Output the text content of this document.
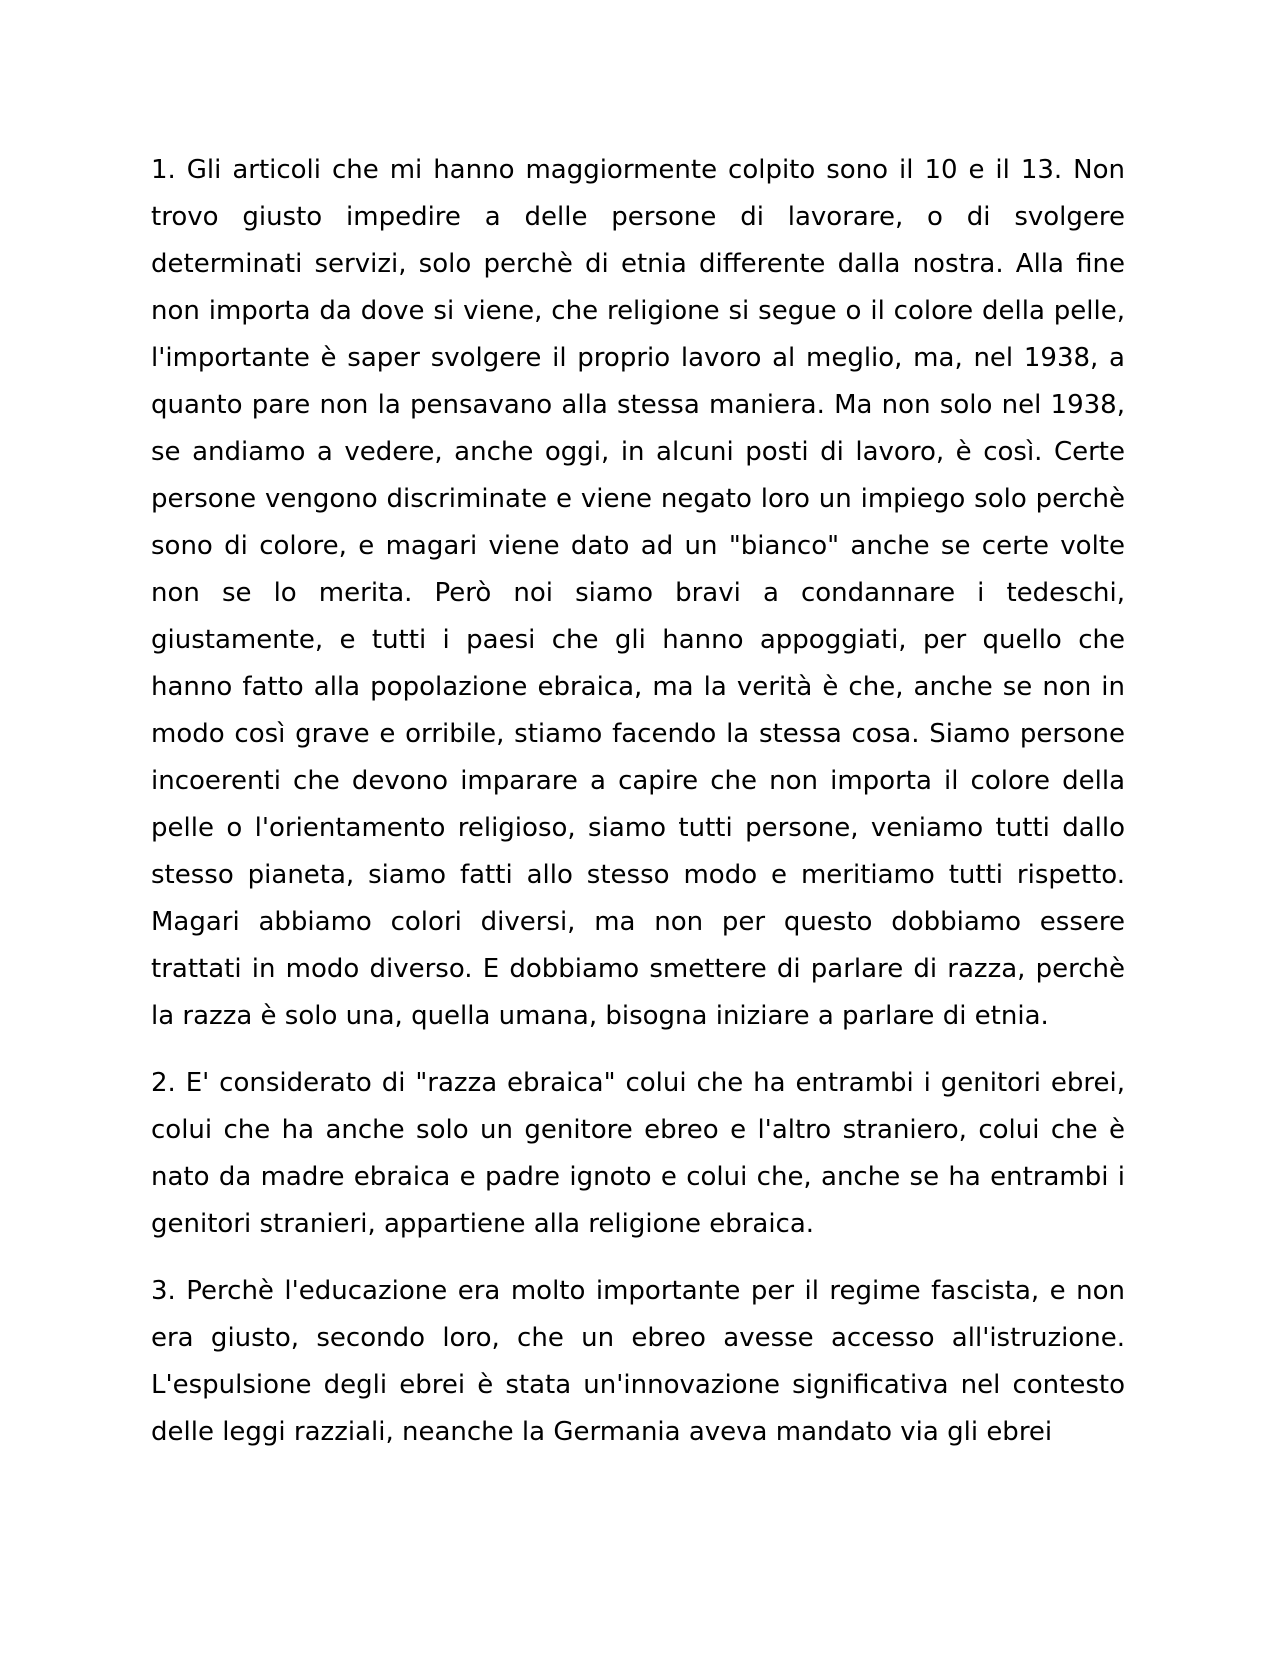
1. Gli articoli che mi hanno maggiormente colpito sono il 10 e il 13. Non trovo giusto impedire a delle persone di lavorare, o di svolgere determinati servizi, solo perchè di etnia differente dalla nostra. Alla fine non importa da dove si viene, che religione si segue o il colore della pelle, l'importante è saper svolgere il proprio lavoro al meglio, ma, nel 1938, a quanto pare non la pensavano alla stessa maniera. Ma non solo nel 1938, se andiamo a vedere, anche oggi, in alcuni posti di lavoro, è così. Certe persone vengono discriminate e viene negato loro un impiego solo perchè sono di colore, e magari viene dato ad un "bianco" anche se certe volte non se lo merita. Però noi siamo bravi a condannare i tedeschi, giustamente, e tutti i paesi che gli hanno appoggiati, per quello che hanno fatto alla popolazione ebraica, ma la verità è che, anche se non in modo così grave e orribile, stiamo facendo la stessa cosa. Siamo persone incoerenti che devono imparare a capire che non importa il colore della pelle o l'orientamento religioso, siamo tutti persone, veniamo tutti dallo stesso pianeta, siamo fatti allo stesso modo e meritiamo tutti rispetto. Magari abbiamo colori diversi, ma non per questo dobbiamo essere trattati in modo diverso. E dobbiamo smettere di parlare di razza, perchè la razza è solo una, quella umana, bisogna iniziare a parlare di etnia.

2. E' considerato di "razza ebraica" colui che ha entrambi i genitori ebrei, colui che ha anche solo un genitore ebreo e l'altro straniero, colui che è nato da madre ebraica e padre ignoto e colui che, anche se ha entrambi i genitori stranieri, appartiene alla religione ebraica.

3. Perchè l'educazione era molto importante per il regime fascista, e non era giusto, secondo loro, che un ebreo avesse accesso all'istruzione. L'espulsione degli ebrei è stata un'innovazione significativa nel contesto delle leggi razziali, neanche la Germania aveva mandato via gli ebrei
